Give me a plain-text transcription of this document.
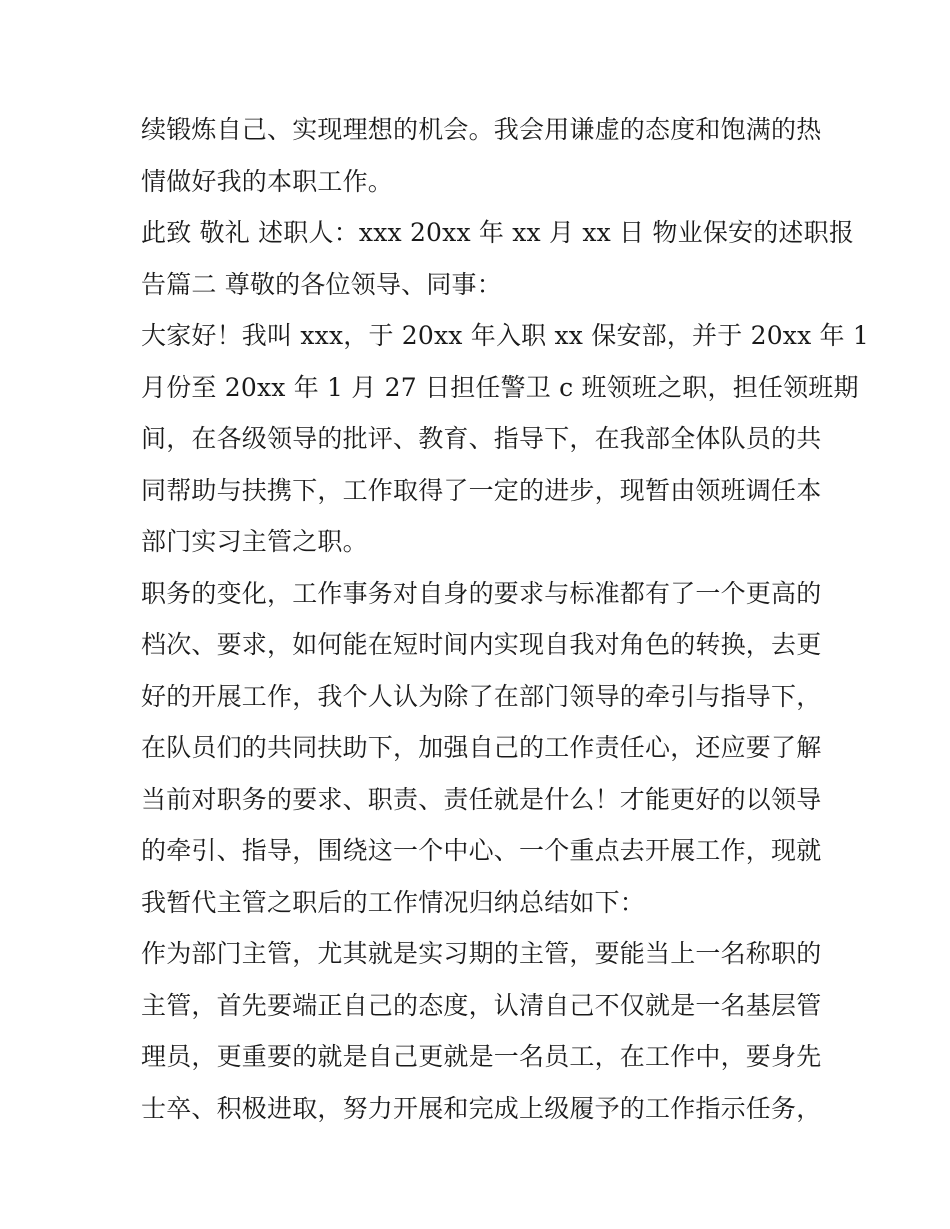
续锻炼自己、实现理想的机会。我会用谦虚的态度和饱满的热
情做好我的本职工作。
此致 敬礼 述职人：xxx 20xx 年 xx 月 xx 日 物业保安的述职报
告篇二 尊敬的各位领导、同事：
大家好！我叫 xxx，于 20xx 年入职 xx 保安部，并于 20xx 年 1
月份至 20xx 年 1 月 27 日担任警卫 c 班领班之职，担任领班期
间，在各级领导的批评、教育、指导下，在我部全体队员的共
同帮助与扶携下，工作取得了一定的进步，现暂由领班调任本
部门实习主管之职。
职务的变化，工作事务对自身的要求与标准都有了一个更高的
档次、要求，如何能在短时间内实现自我对角色的转换，去更
好的开展工作，我个人认为除了在部门领导的牵引与指导下，
在队员们的共同扶助下，加强自己的工作责任心，还应要了解
当前对职务的要求、职责、责任就是什么！才能更好的以领导
的牵引、指导，围绕这一个中心、一个重点去开展工作，现就
我暂代主管之职后的工作情况归纳总结如下：
作为部门主管，尤其就是实习期的主管，要能当上一名称职的
主管，首先要端正自己的态度，认清自己不仅就是一名基层管
理员，更重要的就是自己更就是一名员工，在工作中，要身先
士卒、积极进取，努力开展和完成上级履予的工作指示任务，
